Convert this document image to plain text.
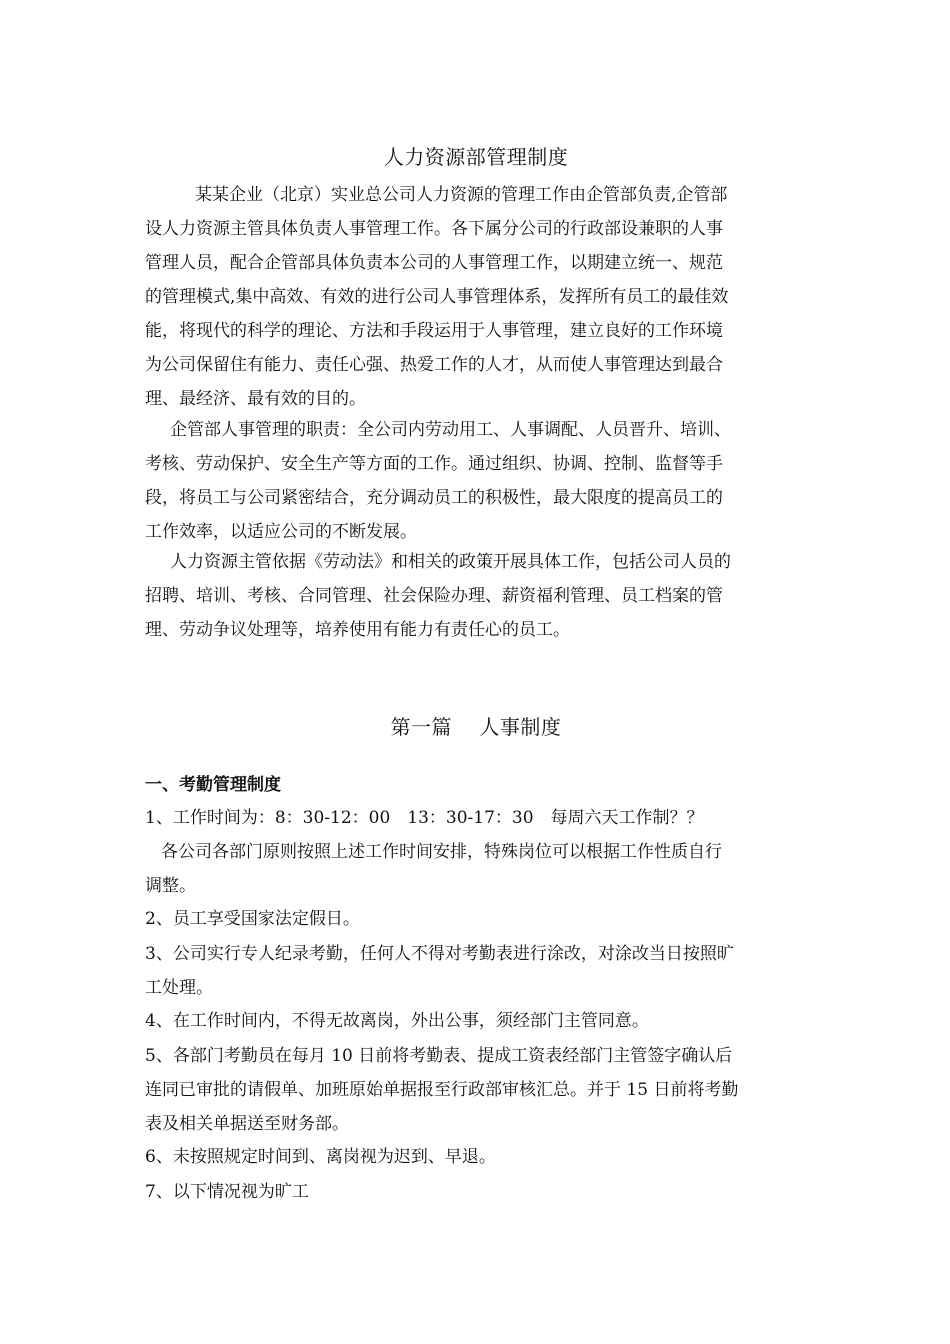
人力资源部管理制度
某某企业（北京）实业总公司人力资源的管理工作由企管部负责,企管部
设人力资源主管具体负责人事管理工作。各下属分公司的行政部设兼职的人事
管理人员，配合企管部具体负责本公司的人事管理工作，以期建立统一、规范
的管理模式,集中高效、有效的进行公司人事管理体系，发挥所有员工的最佳效
能，将现代的科学的理论、方法和手段运用于人事管理，建立良好的工作环境
为公司保留住有能力、责任心强、热爱工作的人才，从而使人事管理达到最合
理、最经济、最有效的目的。
企管部人事管理的职责：全公司内劳动用工、人事调配、人员晋升、培训、
考核、劳动保护、安全生产等方面的工作。通过组织、协调、控制、监督等手
段，将员工与公司紧密结合，充分调动员工的积极性，最大限度的提高员工的
工作效率，以适应公司的不断发展。
人力资源主管依据《劳动法》和相关的政策开展具体工作，包括公司人员的
招聘、培训、考核、合同管理、社会保险办理、薪资福利管理、员工档案的管
理、劳动争议处理等，培养使用有能力有责任心的员工。
第一篇　 人事制度
一、考勤管理制度
1、工作时间为：8：30-12：00　13：30-17：30　每周六天工作制？？
各公司各部门原则按照上述工作时间安排，特殊岗位可以根据工作性质自行
调整。
2、员工享受国家法定假日。
3、公司实行专人纪录考勤，任何人不得对考勤表进行涂改，对涂改当日按照旷
工处理。
4、在工作时间内，不得无故离岗，外出公事，须经部门主管同意。
5、各部门考勤员在每月 10 日前将考勤表、提成工资表经部门主管签字确认后
连同已审批的请假单、加班原始单据报至行政部审核汇总。并于 15 日前将考勤
表及相关单据送至财务部。
6、未按照规定时间到、离岗视为迟到、早退。
7、以下情况视为旷工
